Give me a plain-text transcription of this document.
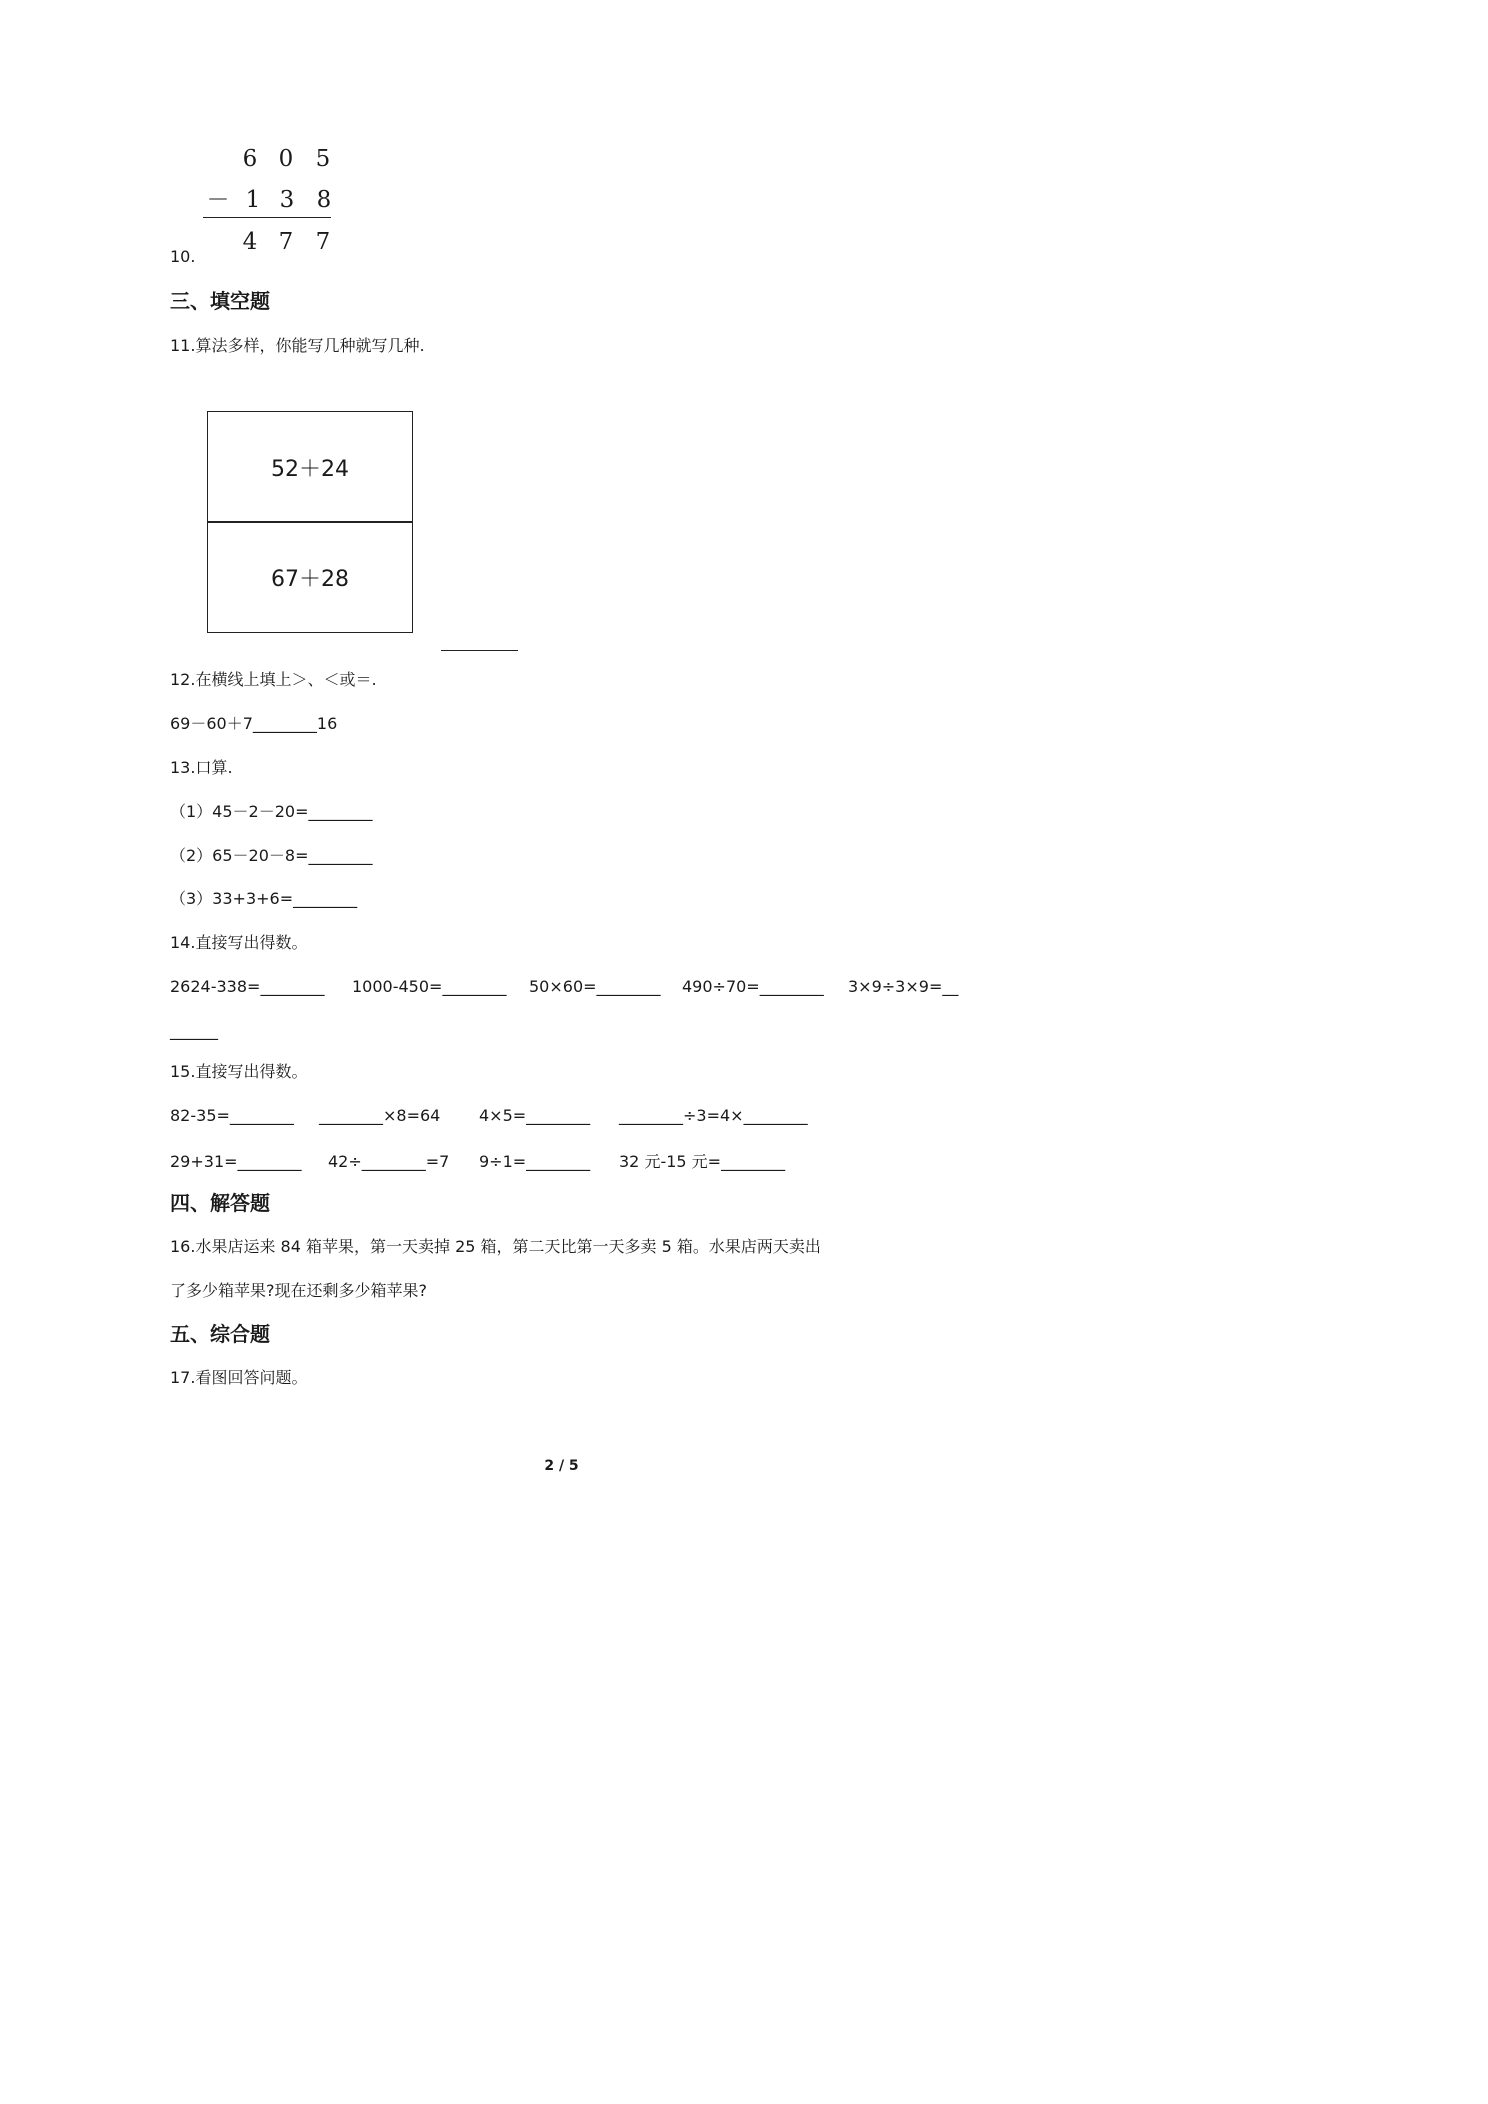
6 0 5
－ 1 3 8
4 7 7
10.
三、填空题
11.算法多样，你能写几种就写几种.
52＋24
67＋28
12.在横线上填上＞、＜或＝.
69－60＋7________16
13.口算.
（1）45－2－20=________
（2）65－20－8=________
（3）33+3+6=________
14.直接写出得数。
2624-338=________ 1000-450=________ 50×60=________ 490÷70=________ 3×9÷3×9=__
______
15.直接写出得数。
82-35=________ ________×8=64 4×5=________ ________÷3=4×________
29+31=________ 42÷________=7 9÷1=________ 32 元-15 元=________
四、解答题
16.水果店运来 84 箱苹果，第一天卖掉 25 箱，第二天比第一天多卖 5 箱。水果店两天卖出
了多少箱苹果?现在还剩多少箱苹果?
五、综合题
17.看图回答问题。
2 / 5
